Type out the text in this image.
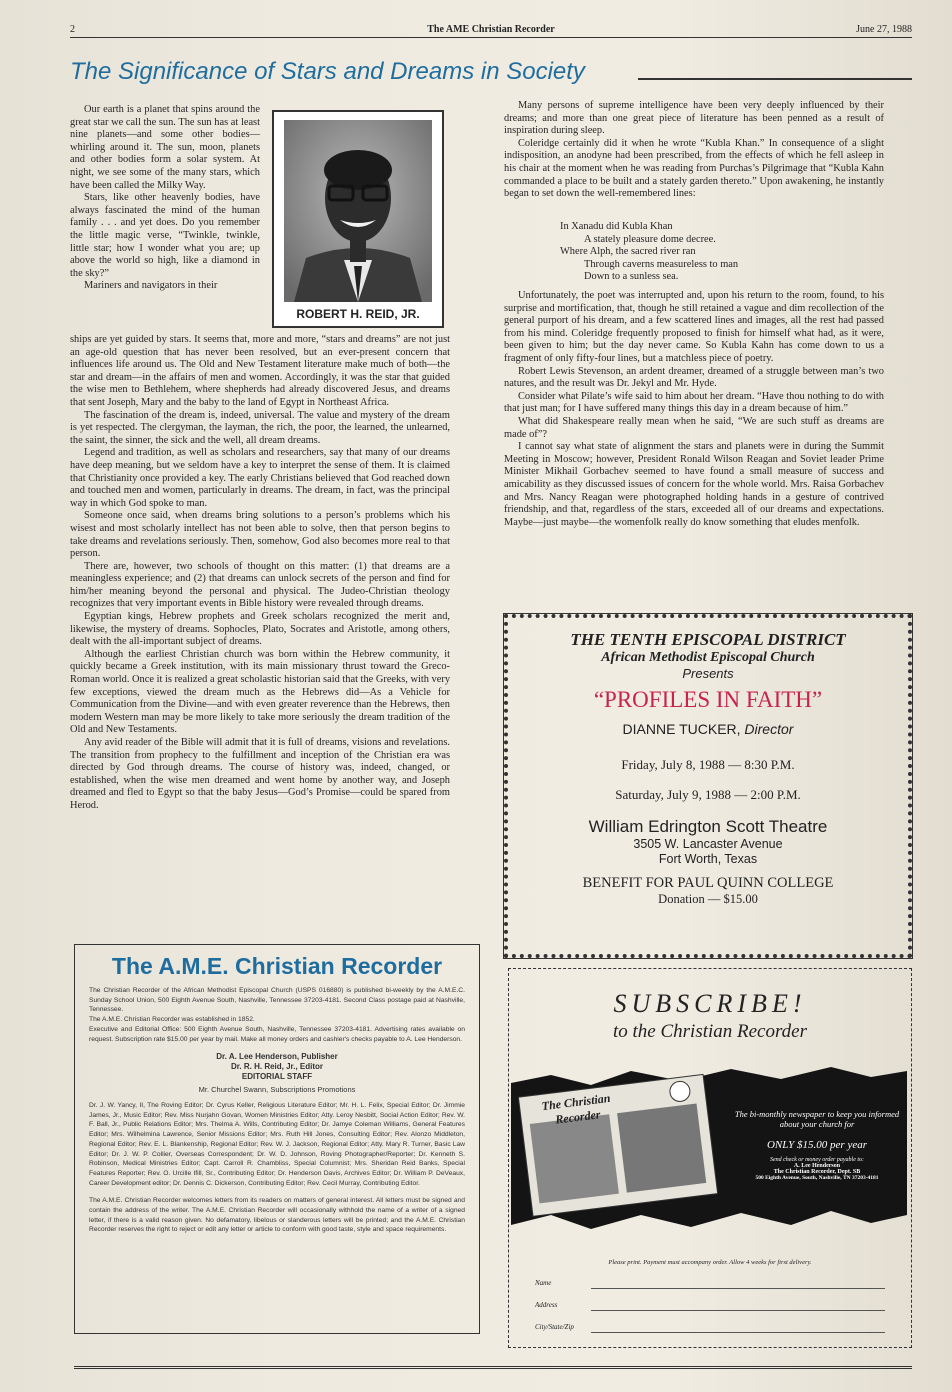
2	The AME Christian Recorder	June 27, 1988
The Significance of Stars and Dreams in Society

Our earth is a planet that spins around the great star we call the sun. The sun has at least nine planets—and some other bodies—whirling around it. The sun, moon, planets and other bodies form a solar system. At night, we see some of the many stars, which have been called the Milky Way.

Stars, like other heavenly bodies, have always fascinated the mind of the human family . . . and yet does. Do you remember the little magic verse, “Twinkle, twinkle, little star; how I wonder what you are; up above the world so high, like a diamond in the sky?”

Mariners and navigators in their

ROBERT H. REID, JR.

ships are yet guided by stars. It seems that, more and more, “stars and dreams” are not just an age-old question that has never been resolved, but an ever-present concern that influences life around us. The Old and New Testament literature make much of both—the star and dream—in the affairs of men and women. Accordingly, it was the star that guided the wise men to Bethlehem, where shepherds had already discovered Jesus, and dreams that sent Joseph, Mary and the baby to the land of Egypt in Northeast Africa.

The fascination of the dream is, indeed, universal. The value and mystery of the dream is yet respected. The clergyman, the layman, the rich, the poor, the learned, the unlearned, the saint, the sinner, the sick and the well, all dream dreams.

Legend and tradition, as well as scholars and researchers, say that many of our dreams have deep meaning, but we seldom have a key to interpret the sense of them. It is claimed that Christianity once provided a key. The early Christians believed that God reached down and touched men and women, particularly in dreams. The dream, in fact, was the principal way in which God spoke to man.

Someone once said, when dreams bring solutions to a person’s problems which his wisest and most scholarly intellect has not been able to solve, then that person begins to take dreams and revelations seriously. Then, somehow, God also becomes more real to that person.

There are, however, two schools of thought on this matter: (1) that dreams are a meaningless experience; and (2) that dreams can unlock secrets of the person and find for him/her meaning beyond the personal and physical. The Judeo-Christian theology recognizes that very important events in Bible history were revealed through dreams.

Egyptian kings, Hebrew prophets and Greek scholars recognized the merit and, likewise, the mystery of dreams. Sophocles, Plato, Socrates and Aristotle, among others, dealt with the all-important subject of dreams.

Although the earliest Christian church was born within the Hebrew community, it quickly became a Greek institution, with its main missionary thrust toward the Greco-Roman world. Once it is realized a great scholastic historian said that the Greeks, with very few exceptions, viewed the dream much as the Hebrews did—As a Vehicle for Communication from the Divine—and with even greater reverence than the Hebrews, then modern Western man may be more likely to take more seriously the dream tradition of the Old and New Testaments.

Any avid reader of the Bible will admit that it is full of dreams, visions and revelations. The transition from prophecy to the fulfillment and inception of the Christian era was directed by God through dreams. The course of history was, indeed, changed, or established, when the wise men dreamed and went home by another way, and Joseph dreamed and fled to Egypt so that the baby Jesus—God’s Promise—could be spared from Herod.

Many persons of supreme intelligence have been very deeply influenced by their dreams; and more than one great piece of literature has been penned as a result of inspiration during sleep.

Coleridge certainly did it when he wrote “Kubla Khan.” In consequence of a slight indisposition, an anodyne had been prescribed, from the effects of which he fell asleep in his chair at the moment when he was reading from Purchas’s Pilgrimage that “Kubla Kahn commanded a place to be built and a stately garden thereto.” Upon awakening, he instantly began to set down the well-remembered lines:

In Xanadu did Kubla Khan

A stately pleasure dome decree.

Where Alph, the sacred river ran

Through caverns measureless to man

Down to a sunless sea.

Unfortunately, the poet was interrupted and, upon his return to the room, found, to his surprise and mortification, that, though he still retained a vague and dim recollection of the general purport of his dream, and a few scattered lines and images, all the rest had passed from his mind. Coleridge frequently proposed to finish for himself what had, as it were, been given to him; but the day never came. So Kubla Kahn has come down to us a fragment of only fifty-four lines, but a matchless piece of poetry.

Robert Lewis Stevenson, an ardent dreamer, dreamed of a struggle between man’s two natures, and the result was Dr. Jekyl and Mr. Hyde.

Consider what Pilate’s wife said to him about her dream. “Have thou nothing to do with that just man; for I have suffered many things this day in a dream because of him.”

What did Shakespeare really mean when he said, “We are such stuff as dreams are made of”?

I cannot say what state of alignment the stars and planets were in during the Summit Meeting in Moscow; however, President Ronald Wilson Reagan and Soviet leader Prime Minister Mikhail Gorbachev seemed to have found a small measure of success and amicability as they discussed issues of concern for the whole world. Mrs. Raisa Gorbachev and Mrs. Nancy Reagan were photographed holding hands in a gesture of contrived friendship, and that, regardless of the stars, exceeded all of our dreams and expectations. Maybe—just maybe—the womenfolk really do know something that eludes menfolk.

The A.M.E. Christian Recorder

The Christian Recorder of the African Methodist Episcopal Church (USPS 016880) is published bi-weekly by the A.M.E.C. Sunday School Union, 500 Eighth Avenue South, Nashville, Tennessee 37203-4181. Second Class postage paid at Nashville, Tennessee.

The A.M.E. Christian Recorder was established in 1852.

Executive and Editorial Office: 500 Eighth Avenue South, Nashville, Tennessee 37203-4181. Advertising rates available on request. Subscription rate $15.00 per year by mail. Make all money orders and cashier's checks payable to A. Lee Henderson.

Dr. A. Lee Henderson, Publisher

Dr. R. H. Reid, Jr., Editor

EDITORIAL STAFF

Mr. Churchel Swann, Subscriptions Promotions

Dr. J. W. Yancy, II, The Roving Editor; Dr. Cyrus Keller, Religious Literature Editor; Mr. H. L. Felix, Special Editor; Dr. Jimmie James, Jr., Music Editor; Rev. Miss Nurjahn Govan, Women Ministries Editor; Atty. Leroy Nesbitt, Social Action Editor; Rev. W. F. Ball, Jr., Public Relations Editor; Mrs. Thelma A. Wills, Contributing Editor; Dr. Jamye Coleman Williams, General Features Editor; Mrs. Wilhelmina Lawrence, Senior Missions Editor; Mrs. Ruth Hill Jones, Consulting Editor; Rev. Alonzo Middleton, Regional Editor; Rev. E. L. Blankenship, Regional Editor; Rev. W. J. Jackson, Regional Editor; Atty. Mary R. Turner, Basic Law Editor; Dr. J. W. P. Collier, Overseas Correspondent; Dr. W. D. Johnson, Roving Photographer/Reporter; Dr. Kenneth S. Robinson, Medical Ministries Editor; Capt. Carroll R. Chambliss, Special Columnist; Mrs. Sheridan Reid Banks, Special Features Reporter; Rev. O. Urcille Ifill, Sr., Contributing Editor; Dr. Henderson Davis, Archives Editor; Dr. William P. DeVeaux, Career Development editor; Dr. Dennis C. Dickerson, Contributing Editor; Rev. Cecil Murray, Contributing Editor.

The A.M.E. Christian Recorder welcomes letters from its readers on matters of general interest. All letters must be signed and contain the address of the writer. The A.M.E. Christian Recorder will occasionally withhold the name of a writer of a signed letter, if there is a valid reason given. No defamatory, libelous or slanderous letters will be printed; and the A.M.E. Christian Recorder reserves the right to reject or edit any letter or article to conform with good taste, style and space requirements.

THE TENTH EPISCOPAL DISTRICT
African Methodist Episcopal Church
Presents
“PROFILES IN FAITH”
DIANNE TUCKER, Director
Friday, July 8, 1988 — 8:30 P.M.
Saturday, July 9, 1988 — 2:00 P.M.
William Edrington Scott Theatre
3505 W. Lancaster Avenue
Fort Worth, Texas
BENEFIT FOR PAUL QUINN COLLEGE
Donation — $15.00
SUBSCRIBE!
to the Christian Recorder
The Christian Recorder	The bi-monthly newspaper to keep you informed about your church for
ONLY $15.00 per year
Send check or money order payable to:
A. Lee Henderson
The Christian Recorder, Dept. SB
500 Eighth Avenue, South, Nashville, TN 37203-4181
Please print. Payment must accompany order. Allow 4 weeks for first delivery.
Name
Address
City/State/Zip
